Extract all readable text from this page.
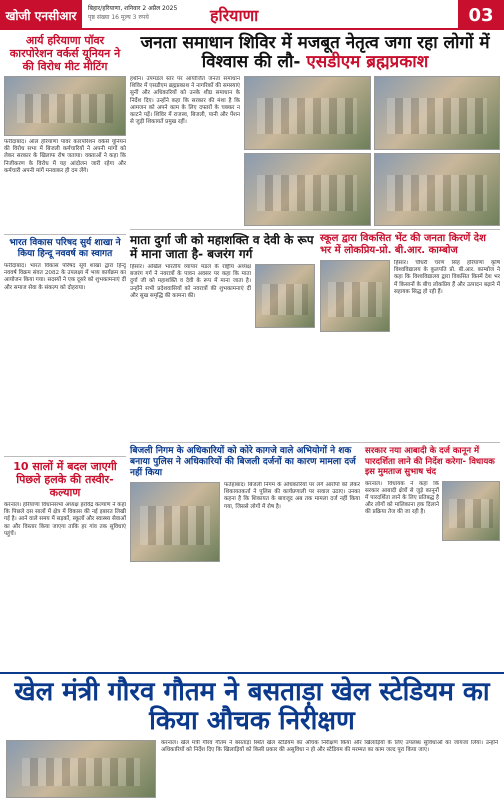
खोजी एनसीआर	बिहार/हरियाणा, शनिवार 2 अप्रैल 2025
पृष्ठ संख्या 16 मूल्य 3 रुपये	हरियाणा	03
आर्य हरियाणा पॉवर कारपोरेशन वर्कर्स यूनियन ने की विरोध मीट मीटिंग
फरीदाबाद। ऑल हरियाणा पावर कारपोरेशन वर्कर्स यूनियन की विरोध सभा में बिजली कर्मचारियों ने अपनी मांगों को लेकर सरकार के खिलाफ रोष जताया। वक्ताओं ने कहा कि निजीकरण के विरोध में यह आंदोलन जारी रहेगा और कर्मचारी अपनी मांगें मनवाकर ही दम लेंगे।
भारत विकास परिषद सुर्य शाखा ने किया हिन्दू नववर्ष का स्वागत
फरीदाबाद। भारत विकास परिषद सूर्य शाखा द्वारा हिन्दू नववर्ष विक्रम संवत 2082 के उपलक्ष्य में भव्य कार्यक्रम का आयोजन किया गया। सदस्यों ने एक दूसरे को शुभकामनाएं दीं और समाज सेवा के संकल्प को दोहराया।
10 सालों में बदल जाएगी पिछले हलके की तस्वीर- कल्याण
करनाल। हरियाणा विधानसभा अध्यक्ष हरविंद्र कल्याण ने कहा कि पिछले दस सालों में क्षेत्र में विकास की नई इबारत लिखी गई है। आने वाले समय में सड़कों, स्कूलों और स्वास्थ्य सेवाओं का और विस्तार किया जाएगा ताकि हर गांव तक सुविधाएं पहुंचें।
जनता समाधान शिविर में मजबूत नेतृत्व जगा रहा लोगों में विश्वास की लौ- एसडीएम ब्रह्मप्रकाश
हथीन। उपमंडल स्तर पर आयोजित जनता समाधान शिविर में एसडीएम ब्रह्मप्रकाश ने नागरिकों की समस्याएं सुनीं और अधिकारियों को उनके शीघ्र समाधान के निर्देश दिए। उन्होंने कहा कि सरकार की मंशा है कि आमजन को अपने काम के लिए दफ्तरों के चक्कर न काटने पड़ें। शिविर में राजस्व, बिजली, पानी और पेंशन से जुड़ी शिकायतें प्रमुख रहीं।
माता दुर्गा जी को महाशक्ति व देवी के रूप में माना जाता है- बजरंग गर्ग
हिसार। अखिल भारतीय व्यापार मंडल के राष्ट्रीय अध्यक्ष बजरंग गर्ग ने नवरात्रों के पावन अवसर पर कहा कि माता दुर्गा जी को महाशक्ति व देवी के रूप में माना जाता है। उन्होंने सभी प्रदेशवासियों को नवरात्रों की शुभकामनाएं दीं और सुख समृद्धि की कामना की।
स्कूल द्वारा विकसित भेंट की जनता किरणें देश भर में लोकप्रिय-प्रो. बी.आर. काम्बोज
हिसार। चौधरी चरण सिंह हरियाणा कृषि विश्वविद्यालय के कुलपति प्रो. बी.आर. काम्बोज ने कहा कि विश्वविद्यालय द्वारा विकसित किस्में देश भर में किसानों के बीच लोकप्रिय हैं और उत्पादन बढ़ाने में सहायक सिद्ध हो रही हैं।
बिजली निगम के अधिकारियों को कोरे कागजे वाले अभियोगों ने शक बनाया पुलिस ने अधिकारियों की बिजली दर्जनों का कारण मामला दर्ज नहीं किया
फतेहाबाद। बिजली निगम के अधिकारियों पर लगे आरोपों को लेकर शिकायतकर्ता ने पुलिस की कार्यप्रणाली पर सवाल उठाए। उनका कहना है कि शिकायत के बावजूद अब तक मामला दर्ज नहीं किया गया, जिससे लोगों में रोष है।
सरकार नया आबादी के दर्ज कानून में पारदर्शिता लाने की निर्देश करेगा- विधायक इस मुमताज सुभाष चंद
करनाल। विधायक ने कहा कि सरकार आबादी क्षेत्रों से जुड़े कानूनों में पारदर्शिता लाने के लिए प्रतिबद्ध है और लोगों को मालिकाना हक दिलाने की प्रक्रिया तेज की जा रही है।
खेल मंत्री गौरव गौतम ने बसताड़ा खेल स्टेडियम का किया औचक निरीक्षण
करनाल। खेल मंत्री गौरव गौतम ने बसताड़ा स्थित खेल स्टेडियम का औचक निरीक्षण किया और खिलाड़ियों के लिए उपलब्ध सुविधाओं का जायजा लिया। उन्होंने अधिकारियों को निर्देश दिए कि खिलाड़ियों को किसी प्रकार की असुविधा न हो और स्टेडियम की मरम्मत का काम जल्द पूरा किया जाए।
